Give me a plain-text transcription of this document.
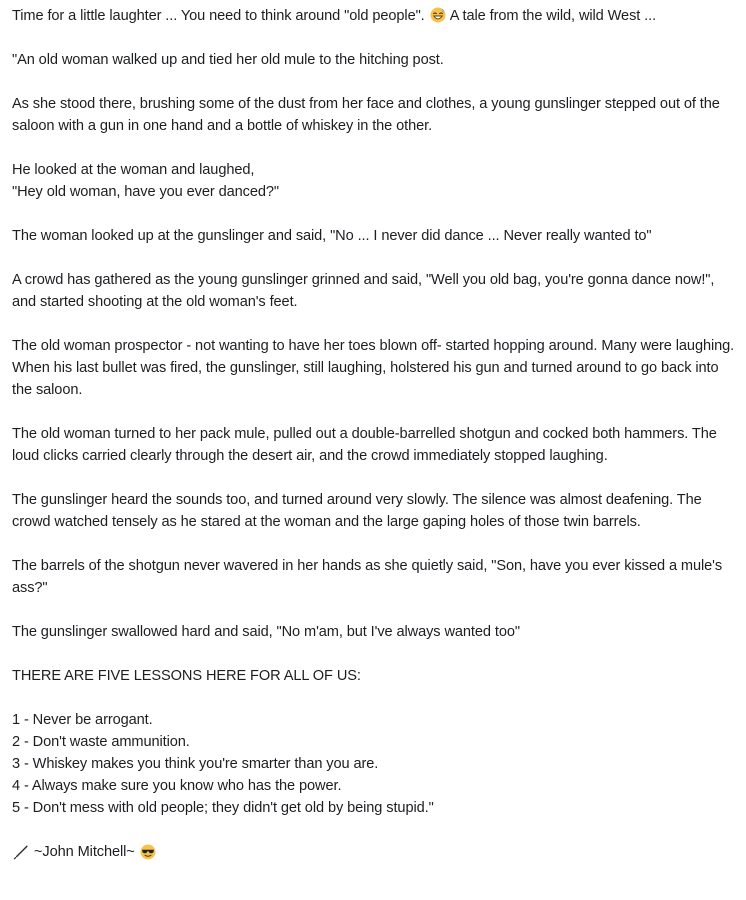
Time for a little laughter ... You need to think around "old people".  A tale from the wild, wild West ...

"An old woman walked up and tied her old mule to the hitching post.

As she stood there, brushing some of the dust from her face and clothes, a young gunslinger stepped out of the saloon with a gun in one hand and a bottle of whiskey in the other.

He looked at the woman and laughed,
"Hey old woman, have you ever danced?"

The woman looked up at the gunslinger and said, "No ... I never did dance ... Never really wanted to"

A crowd has gathered as the young gunslinger grinned and said, "Well you old bag, you're gonna dance now!", and started shooting at the old woman's feet.

The old woman prospector - not wanting to have her toes blown off- started hopping around. Many were laughing.
When his last bullet was fired, the gunslinger, still laughing, holstered his gun and turned around to go back into the saloon.

The old woman turned to her pack mule, pulled out a double-barrelled shotgun and cocked both hammers. The loud clicks carried clearly through the desert air, and the crowd immediately stopped laughing.

The gunslinger heard the sounds too, and turned around very slowly. The silence was almost deafening. The crowd watched tensely as he stared at the woman and the large gaping holes of those twin barrels.

The barrels of the shotgun never wavered in her hands as she quietly said, "Son, have you ever kissed a mule's ass?"

The gunslinger swallowed hard and said, "No m'am, but I've always wanted too"

THERE ARE FIVE LESSONS HERE FOR ALL OF US:

1 - Never be arrogant.
2 - Don't waste ammunition.
3 - Whiskey makes you think you're smarter than you are.
4 - Always make sure you know who has the power.
5 - Don't mess with old people; they didn't get old by being stupid."

~John Mitchell~
